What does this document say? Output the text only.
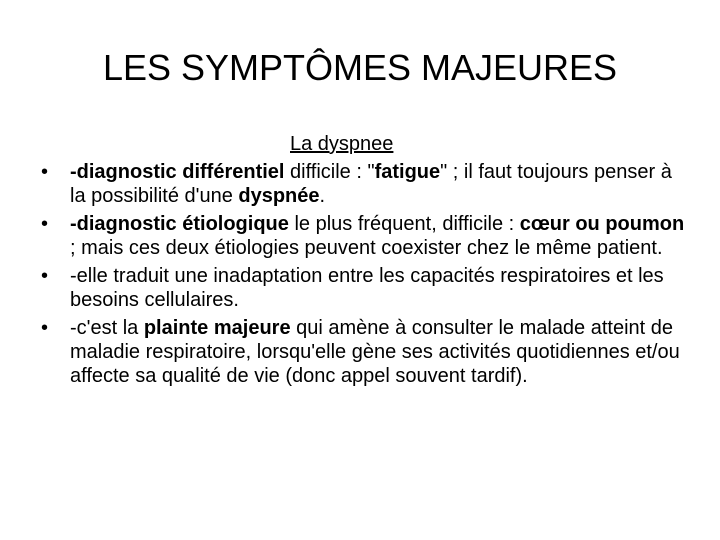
LES SYMPTÔMES MAJEURES
La dyspnee
• -diagnostic différentiel difficile : "fatigue" ; il faut toujours penser à la possibilité d'une dyspnée.
• -diagnostic étiologique le plus fréquent, difficile : cœur ou poumon ; mais ces deux étiologies peuvent coexister chez le même patient.
• -elle traduit une inadaptation entre les capacités respiratoires et les besoins cellulaires.
• -c'est la plainte majeure qui amène à consulter le malade atteint de maladie respiratoire, lorsqu'elle gène ses activités quotidiennes et/ou affecte sa qualité de vie (donc appel souvent tardif).
